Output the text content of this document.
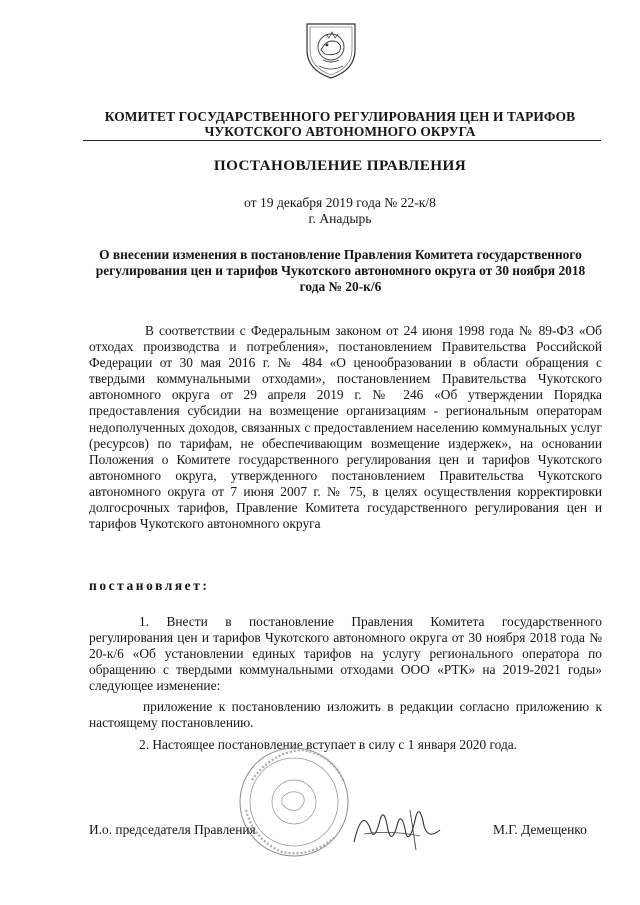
КОМИТЕТ ГОСУДАРСТВЕННОГО РЕГУЛИРОВАНИЯ ЦЕН И ТАРИФОВ
ЧУКОТСКОГО АВТОНОМНОГО ОКРУГА
ПОСТАНОВЛЕНИЕ ПРАВЛЕНИЯ
от 19 декабря 2019 года № 22-к/8
г. Анадырь
О внесении изменения в постановление Правления Комитета государственного регулирования цен и тарифов Чукотского автономного округа от 30 ноября 2018 года № 20-к/6
В соответствии с Федеральным законом от 24 июня 1998 года № 89-ФЗ «Об отходах производства и потребления», постановлением Правительства Российской Федерации от 30 мая 2016 г. № 484 «О ценообразовании в области обращения с твердыми коммунальными отходами», постановлением Правительства Чукотского автономного округа от 29 апреля 2019 г. № 246 «Об утверждении Порядка предоставления субсидии на возмещение организациям - региональным операторам недополученных доходов, связанных с предоставлением населению коммунальных услуг (ресурсов) по тарифам, не обеспечивающим возмещение издержек», на основании Положения о Комитете государственного регулирования цен и тарифов Чукотского автономного округа, утвержденного постановлением Правительства Чукотского автономного округа от 7 июня 2007 г. № 75, в целях осуществления корректировки долгосрочных тарифов, Правление Комитета государственного регулирования цен и тарифов Чукотского автономного округа
постановляет:
1. Внести в постановление Правления Комитета государственного регулирования цен и тарифов Чукотского автономного округа от 30 ноября 2018 года № 20-к/6 «Об установлении единых тарифов на услугу регионального оператора по обращению с твердыми коммунальными отходами ООО «РТК» на 2019-2021 годы» следующее изменение:
приложение к постановлению изложить в редакции согласно приложению к настоящему постановлению.
2. Настоящее постановление вступает в силу с 1 января 2020 года.
И.о. председателя Правления	М.Г. Демещенко
